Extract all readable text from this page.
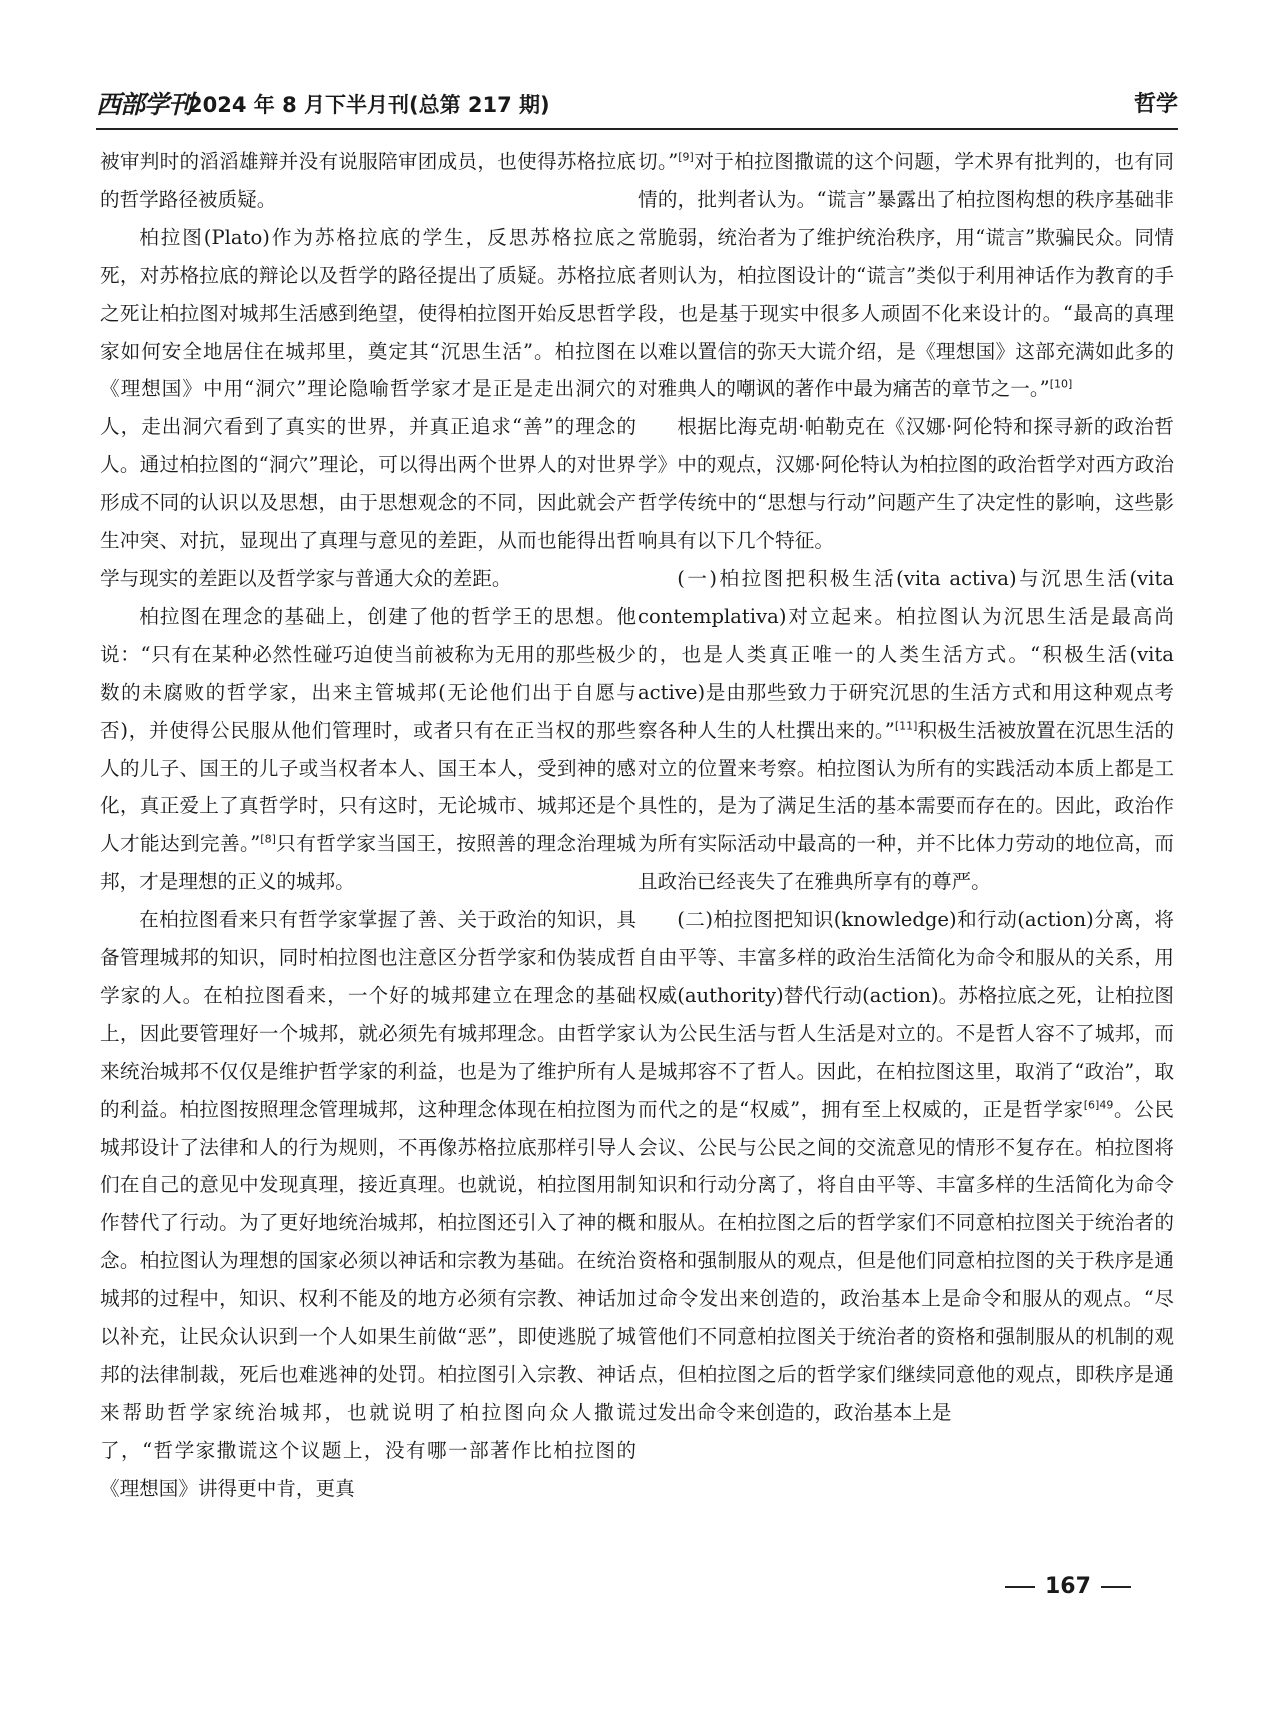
西部学刊
2024 年 8 月下半月刊(总第 217 期)	哲学

被审判时的滔滔雄辩并没有说服陪审团成员，也使得苏格拉底的哲学路径被质疑。

柏拉图(Plato)作为苏格拉底的学生，反思苏格拉底之死，对苏格拉底的辩论以及哲学的路径提出了质疑。苏格拉底之死让柏拉图对城邦生活感到绝望，使得柏拉图开始反思哲学家如何安全地居住在城邦里，奠定其“沉思生活”。柏拉图在《理想国》中用“洞穴”理论隐喻哲学家才是正是走出洞穴的人，走出洞穴看到了真实的世界，并真正追求“善”的理念的人。通过柏拉图的“洞穴”理论，可以得出两个世界人的对世界形成不同的认识以及思想，由于思想观念的不同，因此就会产生冲突、对抗，显现出了真理与意见的差距，从而也能得出哲学与现实的差距以及哲学家与普通大众的差距。

柏拉图在理念的基础上，创建了他的哲学王的思想。他说：“只有在某种必然性碰巧迫使当前被称为无用的那些极少数的未腐败的哲学家，出来主管城邦(无论他们出于自愿与否)，并使得公民服从他们管理时，或者只有在正当权的那些人的儿子、国王的儿子或当权者本人、国王本人，受到神的感化，真正爱上了真哲学时，只有这时，无论城市、城邦还是个人才能达到完善。”[8]只有哲学家当国王，按照善的理念治理城邦，才是理想的正义的城邦。

在柏拉图看来只有哲学家掌握了善、关于政治的知识，具备管理城邦的知识，同时柏拉图也注意区分哲学家和伪装成哲学家的人。在柏拉图看来，一个好的城邦建立在理念的基础上，因此要管理好一个城邦，就必须先有城邦理念。由哲学家来统治城邦不仅仅是维护哲学家的利益，也是为了维护所有人的利益。柏拉图按照理念管理城邦，这种理念体现在柏拉图为城邦设计了法律和人的行为规则，不再像苏格拉底那样引导人们在自己的意见中发现真理，接近真理。也就说，柏拉图用制作替代了行动。为了更好地统治城邦，柏拉图还引入了神的概念。柏拉图认为理想的国家必须以神话和宗教为基础。在统治城邦的过程中，知识、权利不能及的地方必须有宗教、神话加以补充，让民众认识到一个人如果生前做“恶”，即使逃脱了城邦的法律制裁，死后也难逃神的处罚。柏拉图引入宗教、神话来帮助哲学家统治城邦，也就说明了柏拉图向众人撒谎了，“哲学家撒谎这个议题上，没有哪一部著作比柏拉图的《理想国》讲得更中肯，更真

切。”[9]对于柏拉图撒谎的这个问题，学术界有批判的，也有同情的，批判者认为。“谎言”暴露出了柏拉图构想的秩序基础非常脆弱，统治者为了维护统治秩序，用“谎言”欺骗民众。同情者则认为，柏拉图设计的“谎言”类似于利用神话作为教育的手段，也是基于现实中很多人顽固不化来设计的。“最高的真理以难以置信的弥天大谎介绍，是《理想国》这部充满如此多的对雅典人的嘲讽的著作中最为痛苦的章节之一。”[10]

根据比海克胡·帕勒克在《汉娜·阿伦特和探寻新的政治哲学》中的观点，汉娜·阿伦特认为柏拉图的政治哲学对西方政治哲学传统中的“思想与行动”问题产生了决定性的影响，这些影响具有以下几个特征。

(一)柏拉图把积极生活(vita activa)与沉思生活(vita contemplativa)对立起来。柏拉图认为沉思生活是最高尚的，也是人类真正唯一的人类生活方式。“积极生活(vita active)是由那些致力于研究沉思的生活方式和用这种观点考察各种人生的人杜撰出来的。”[11]积极生活被放置在沉思生活的对立的位置来考察。柏拉图认为所有的实践活动本质上都是工具性的，是为了满足生活的基本需要而存在的。因此，政治作为所有实际活动中最高的一种，并不比体力劳动的地位高，而且政治已经丧失了在雅典所享有的尊严。

(二)柏拉图把知识(knowledge)和行动(action)分离，将自由平等、丰富多样的政治生活简化为命令和服从的关系，用权威(authority)替代行动(action)。苏格拉底之死，让柏拉图认为公民生活与哲人生活是对立的。不是哲人容不了城邦，而是城邦容不了哲人。因此，在柏拉图这里，取消了“政治”，取而代之的是“权威”，拥有至上权威的，正是哲学家$^{[6]49}$。公民会议、公民与公民之间的交流意见的情形不复存在。柏拉图将知识和行动分离了，将自由平等、丰富多样的生活简化为命令和服从。在柏拉图之后的哲学家们不同意柏拉图关于统治者的资格和强制服从的观点，但是他们同意柏拉图的关于秩序是通过命令发出来创造的，政治基本上是命令和服从的观点。“尽管他们不同意柏拉图关于统治者的资格和强制服从的机制的观点，但柏拉图之后的哲学家们继续同意他的观点，即秩序是通过发出命令来创造的，政治基本上是

167
